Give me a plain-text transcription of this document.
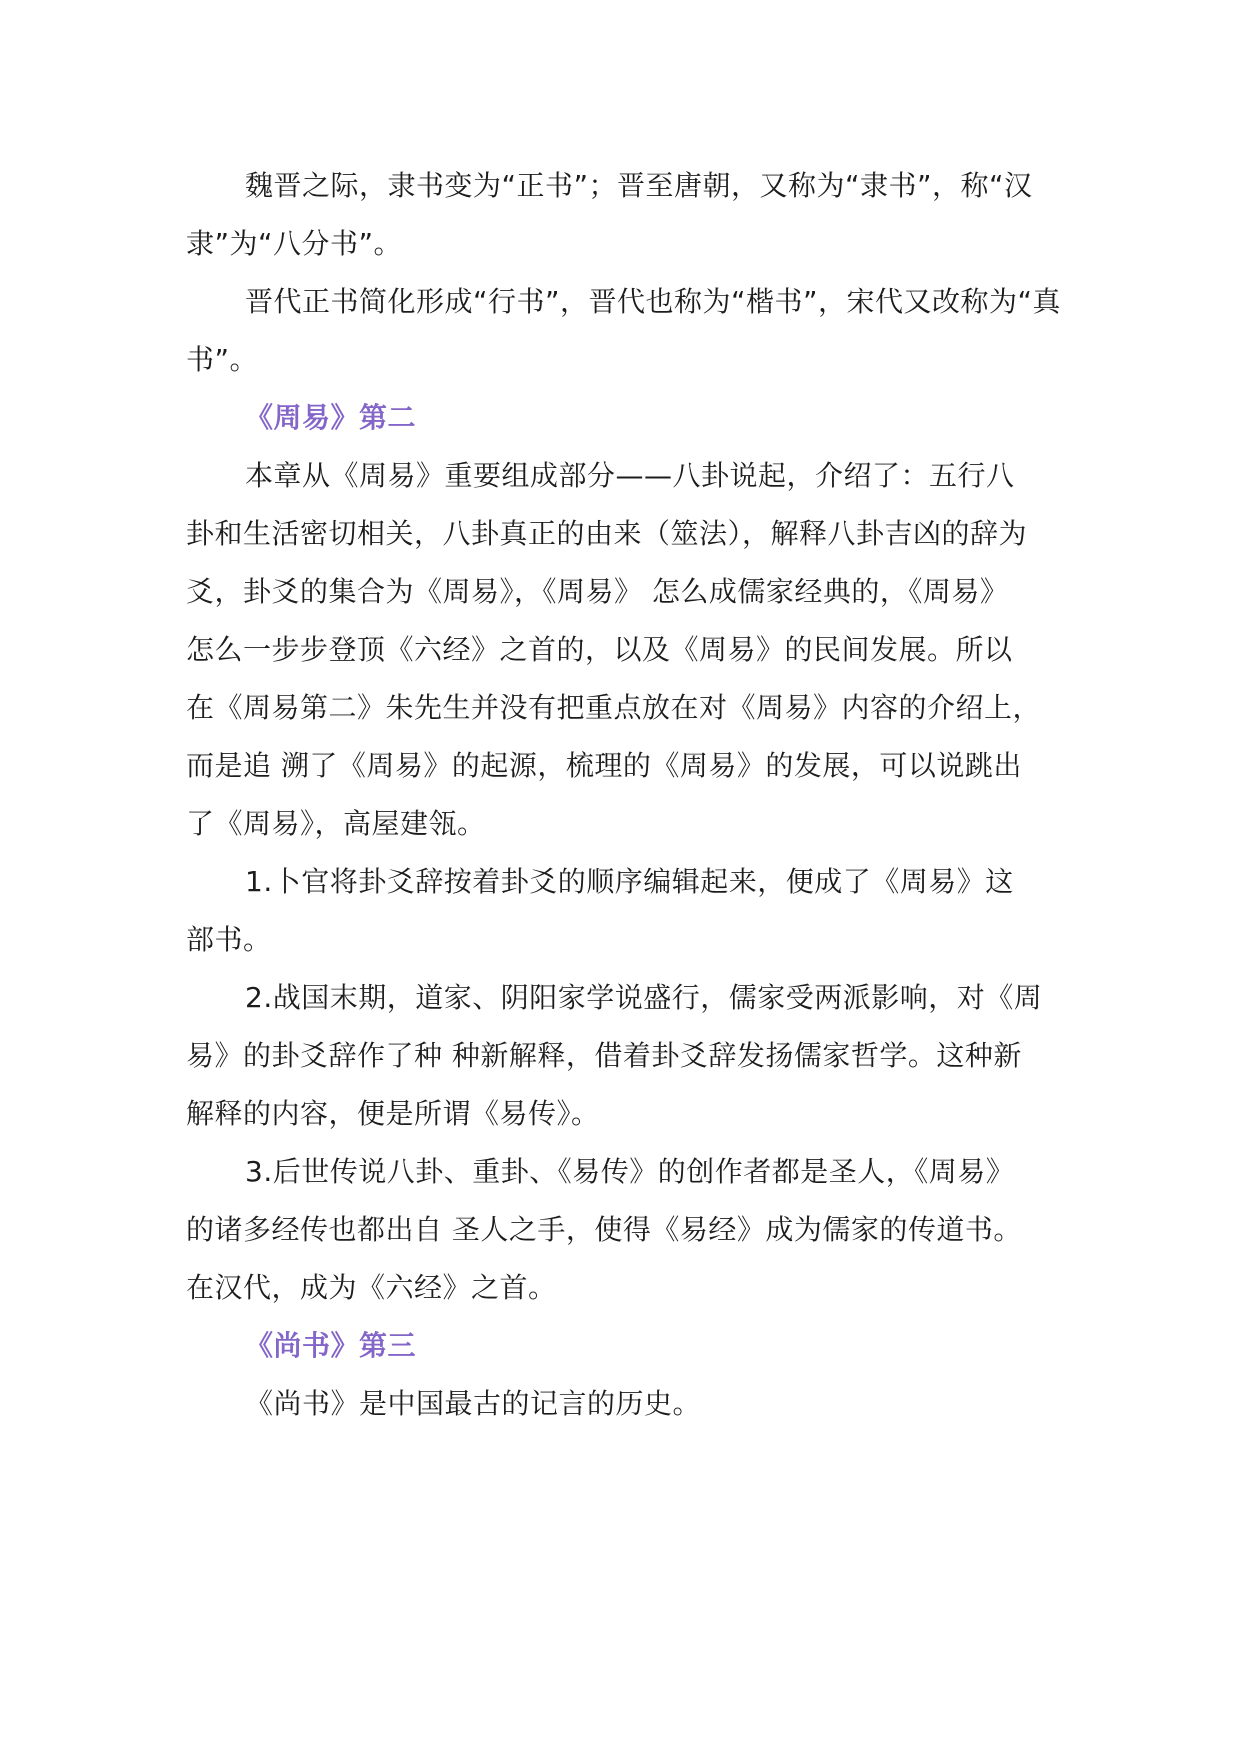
魏晋之际，隶书变为“正书”；晋至唐朝，又称为“隶书”，称“汉
隶”为“八分书”。
晋代正书简化形成“行书”，晋代也称为“楷书”，宋代又改称为“真
书”。
《周易》第二
本章从《周易》重要组成部分——八卦说起，介绍了：五行八
卦和生活密切相关，八卦真正的由来（筮法），解释八卦吉凶的辞为
爻，卦爻的集合为《周易》，《周易》 怎么成儒家经典的，《周易》
怎么一步步登顶《六经》之首的，以及《周易》的民间发展。所以
在《周易第二》朱先生并没有把重点放在对《周易》内容的介绍上，
而是追 溯了《周易》的起源，梳理的《周易》的发展，可以说跳出
了《周易》，高屋建瓴。
1.卜官将卦爻辞按着卦爻的顺序编辑起来，便成了《周易》这
部书。
2.战国末期，道家、阴阳家学说盛行，儒家受两派影响，对《周
易》的卦爻辞作了种 种新解释，借着卦爻辞发扬儒家哲学。这种新
解释的内容，便是所谓《易传》。
3.后世传说八卦、重卦、《易传》的创作者都是圣人，《周易》
的诸多经传也都出自 圣人之手，使得《易经》成为儒家的传道书。
在汉代，成为《六经》之首。
《尚书》第三
《尚书》是中国最古的记言的历史。
